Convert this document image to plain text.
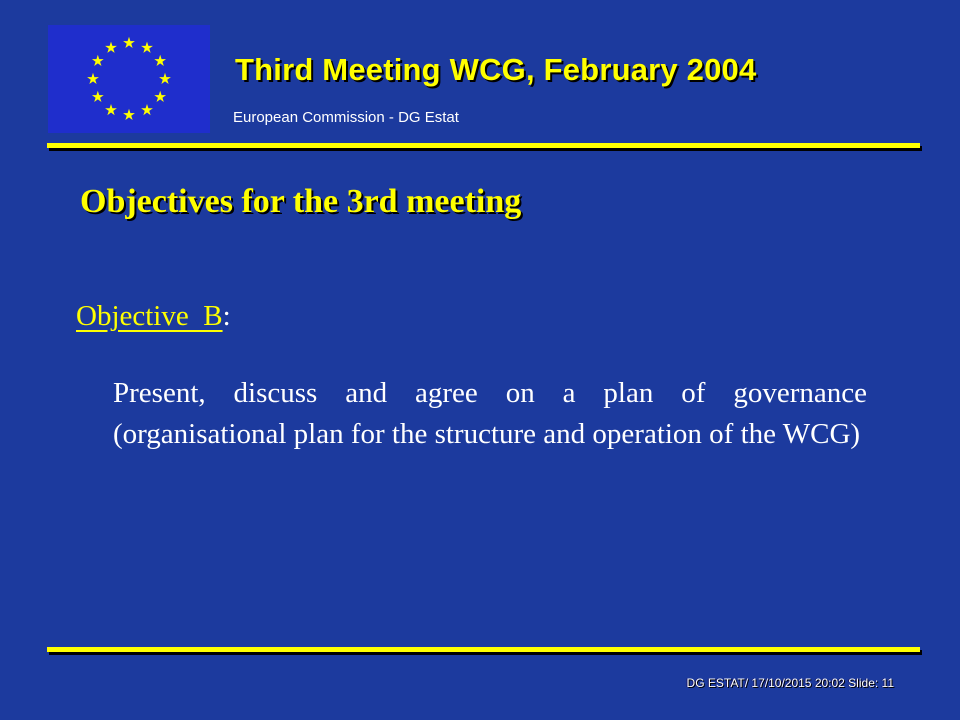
Third Meeting WCG, February 2004
European Commission - DG Estat
Objectives for the 3rd meeting
Objective  B:
Present, discuss and agree on a plan of governance (organisational plan for the structure and operation of the WCG)
DG ESTAT/ 17/10/2015 20:02 Slide: 11
